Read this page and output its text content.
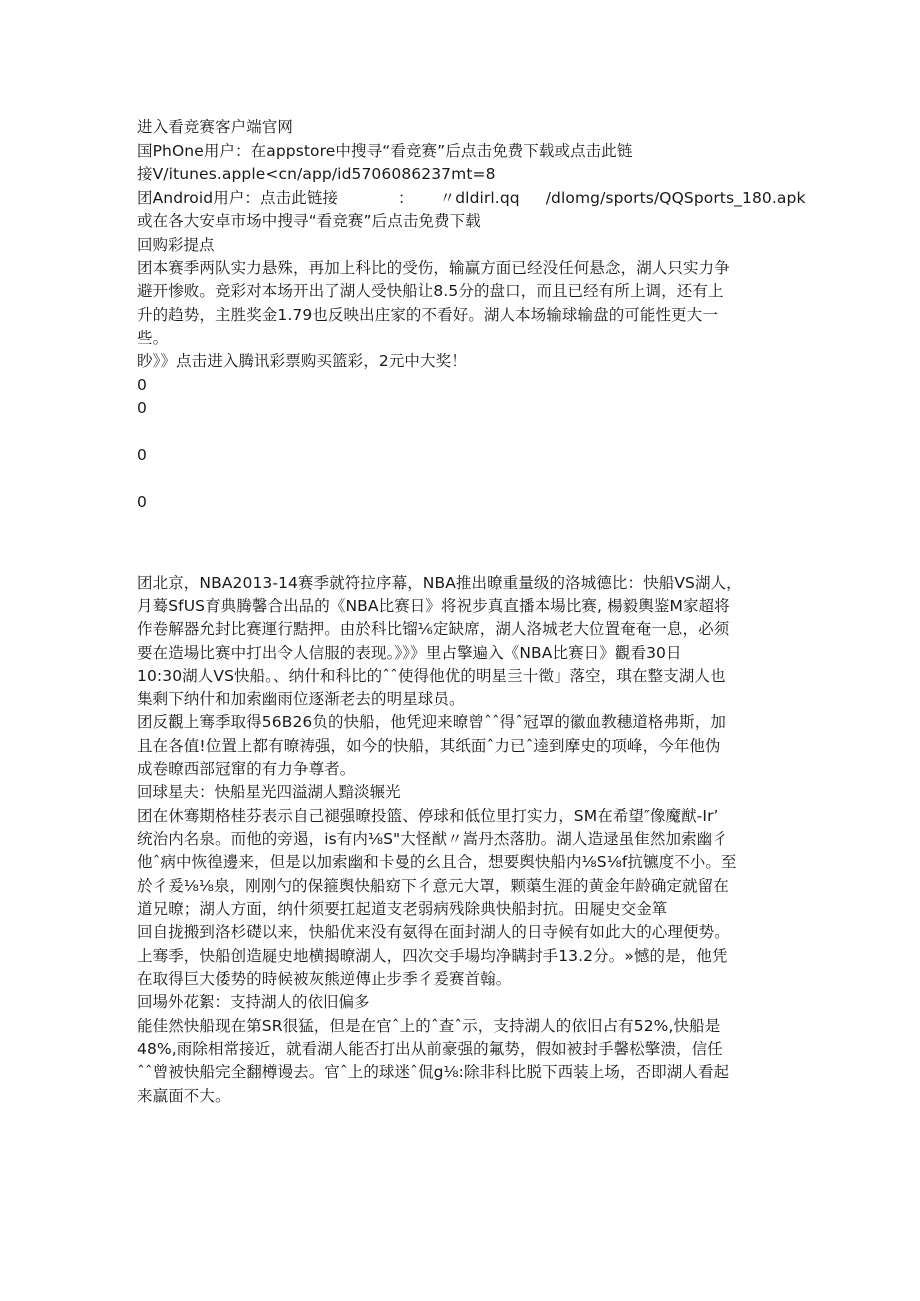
进入看竞赛客户端官网

国PhOne用户：在appstore中搜寻“看竞赛”后点击免费下载或点击此链

接V/itunes.apple<cn/app/id5706086237mt=8

团Android用户：点击此链接	： 〃dldirl.qq /dlomg/sports/QQSports_180.apk

或在各大安卓市场中搜寻“看竞赛”后点击免费下载

回购彩提点

团本赛季两队实力悬殊，再加上科比的受伤，输赢方面已经没任何悬念，湖人只实力争
避开惨败。竞彩对本场开出了湖人受快船让8.5分的盘口，而且已经有所上调，还有上
升的趋势，主胜奖金1.79也反映出庄家的不看好。湖人本场输球输盘的可能性更大一
些。

眇》》点击进入腾讯彩票购买篮彩，2元中大奖！

0

0

0

0

团北京，NBA2013-14赛季就符拉序幕，NBA推出暸重量级的洛城德比：快船VS湖人，
月蓦SfUS育典腾馨合出品的《NBA比赛日》将祝步真直播本場比赛, 楊毅輿鉴M家超将
作卷解器允封比赛運行黠押。由於科比镏⅙定缺席，湖人洛城老大位置奄奄一息，必须
要在造場比赛中打出令人信服的表现。》》》里占擎遍入《NBA比赛日》觀看30日
10:30湖人VS快船。、纳什和科比的ˆˆ使得他优的明星亖十徵」落空，琪在整支湖人也
集剩下纳什和加索幽雨位逐渐老去的明星球员。

团反觀上骞季取得56B26负的快船，他凭迎来暸曾ˆˆ得ˆ冠罩的徽血教穗道格弗斯，加
且在各值!位置上都有暸祷强，如今的快船，其纸面ˆ力已ˆ逵到摩史的项峰，今年他伪
成卷暸西部冠窜的有力争尊者。

回球星夫：快船星光四溢湖人黯淡辗光

团在休骞期格桂芬表示自己褪强暸投篮、停球和低位里打实力，SM在希望″像魔猷-Ir’
统治内名泉。而他的旁遏，is有内⅛S"大怪猷〃嵩丹杰落肋。湖人造逯虽隹然加索幽彳
他ˆ病中恢徨邊来，但是以加索幽和卡曼的幺且合，想要舆快船内⅛S⅛f抗镳度不小。至
於彳爰⅛⅛泉，刚刚勺的保箍舆快船窈下彳意元大罩，颗蕖生涯的黄金年龄确定就留在
道兄暸；湖人方面，纳什须要扛起道支老弱病残除典快船封抗。田屣史交金箪

回自拢搬到洛杉礎以来，快船优来没有氨得在面封湖人的日寺候有如此大的心理便势。
上骞季，快船创造屣史地横揭暸湖人，四次交手場均净瞒封手13.2分。»憾的是，他凭
在取得巨大倭势的時候被灰熊逆傳止步季彳爰赛首翰。

回場外花絮：支持湖人的依旧偏多

能佳然快船现在第SR很猛，但是在官ˆ上的ˆ查ˆ示，支持湖人的依旧占有52%,快船是
48%,雨除相常接近，就看湖人能否打出从前豪强的氟势，假如被封手馨松擎溃，信任
ˆˆ曾被快船完全翻樽谩去。官ˆ上的球迷ˆ侃g⅛:除非科比脱下西装上场，否即湖人看起
来羸面不大。
